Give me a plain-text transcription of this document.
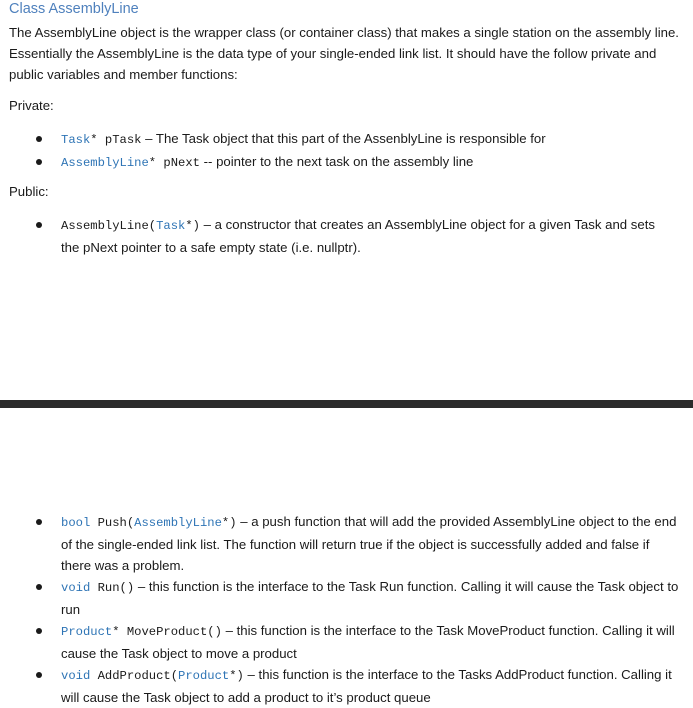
Class AssemblyLine
The AssemblyLine object is the wrapper class (or container class) that makes a single station on the assembly line. Essentially the AssemblyLine is the data type of your single-ended link list. It should have the follow private and public variables and member functions:
Private:
Task* pTask – The Task object that this part of the AssenblyLine is responsible for
AssemblyLine* pNext -- pointer to the next task on the assembly line
Public:
AssemblyLine(Task*) – a constructor that creates an AssemblyLine object for a given Task and sets the pNext pointer to a safe empty state (i.e. nullptr).
bool Push(AssemblyLine*) – a push function that will add the provided AssemblyLine object to the end of the single-ended link list. The function will return true if the object is successfully added and false if there was a problem.
void Run() – this function is the interface to the Task Run function. Calling it will cause the Task object to run
Product* MoveProduct() – this function is the interface to the Task MoveProduct function. Calling it will cause the Task object to move a product
void AddProduct(Product*) – this function is the interface to the Tasks AddProduct function. Calling it will cause the Task object to add a product to it’s product queue
